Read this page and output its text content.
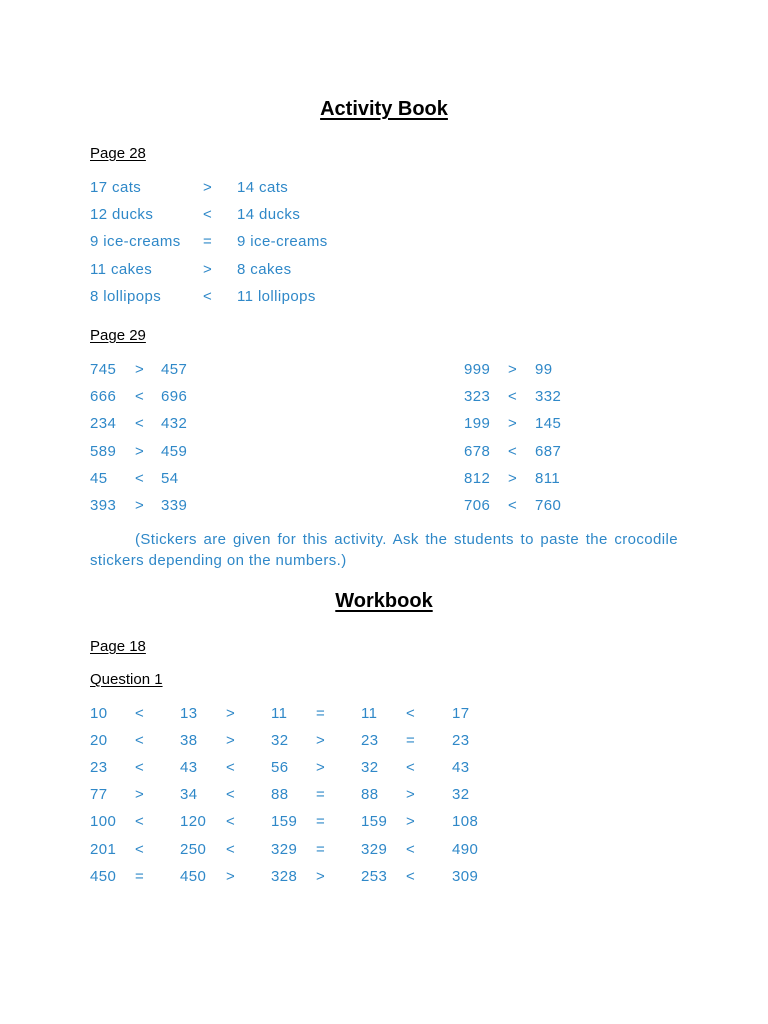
Activity Book
Page 28
17 cats	> 14 cats
12 ducks	< 14 ducks
9 ice-creams = 9 ice-creams
11 cakes	> 8 cakes
8 lollipops	< 11 lollipops
Page 29
745 > 457
666 < 696
234 < 432
589 > 459
45 < 54
393 > 339
999 > 99
323 < 332
199 > 145
678 < 687
812 > 811
706 < 760
(Stickers are given for this activity. Ask the students to paste the crocodile stickers depending on the numbers.)
Workbook
Page 18
Question 1
10 < 13 > 11 = 11 < 17
20 < 38 > 32 > 23 = 23
23 < 43 < 56 > 32 < 43
77 > 34 < 88 = 88 > 32
100 < 120 < 159 = 159 > 108
201 < 250 < 329 = 329 < 490
450 = 450 > 328 > 253 < 309
